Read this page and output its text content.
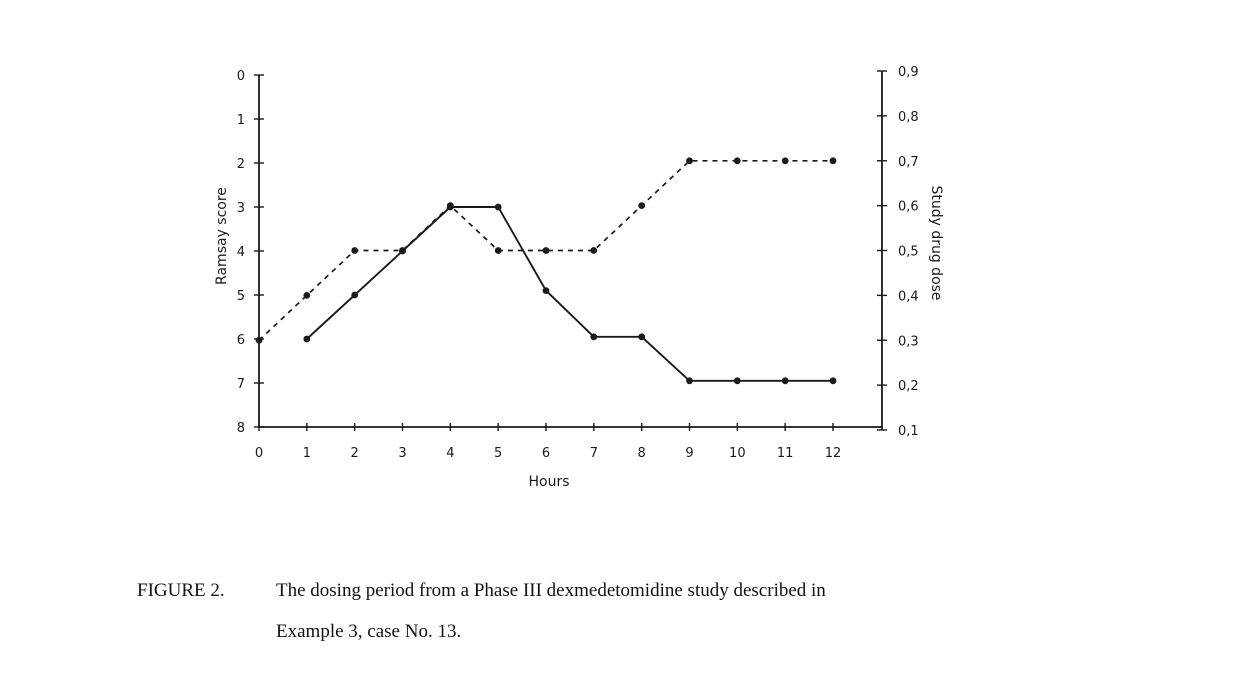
0	1	2	3	4	5	6	7	8	9	10 11 12
0
1
2
3
4
5
6
7
8	0,1
0,2
0,3
0,4
0,5
0,6
0,7
0,8
0,9
Hours
Ramsay score	Study drug dose

FIGURE 2.	The dosing period from a Phase III dexmedetomidine study described in

Example 3, case No. 13.
